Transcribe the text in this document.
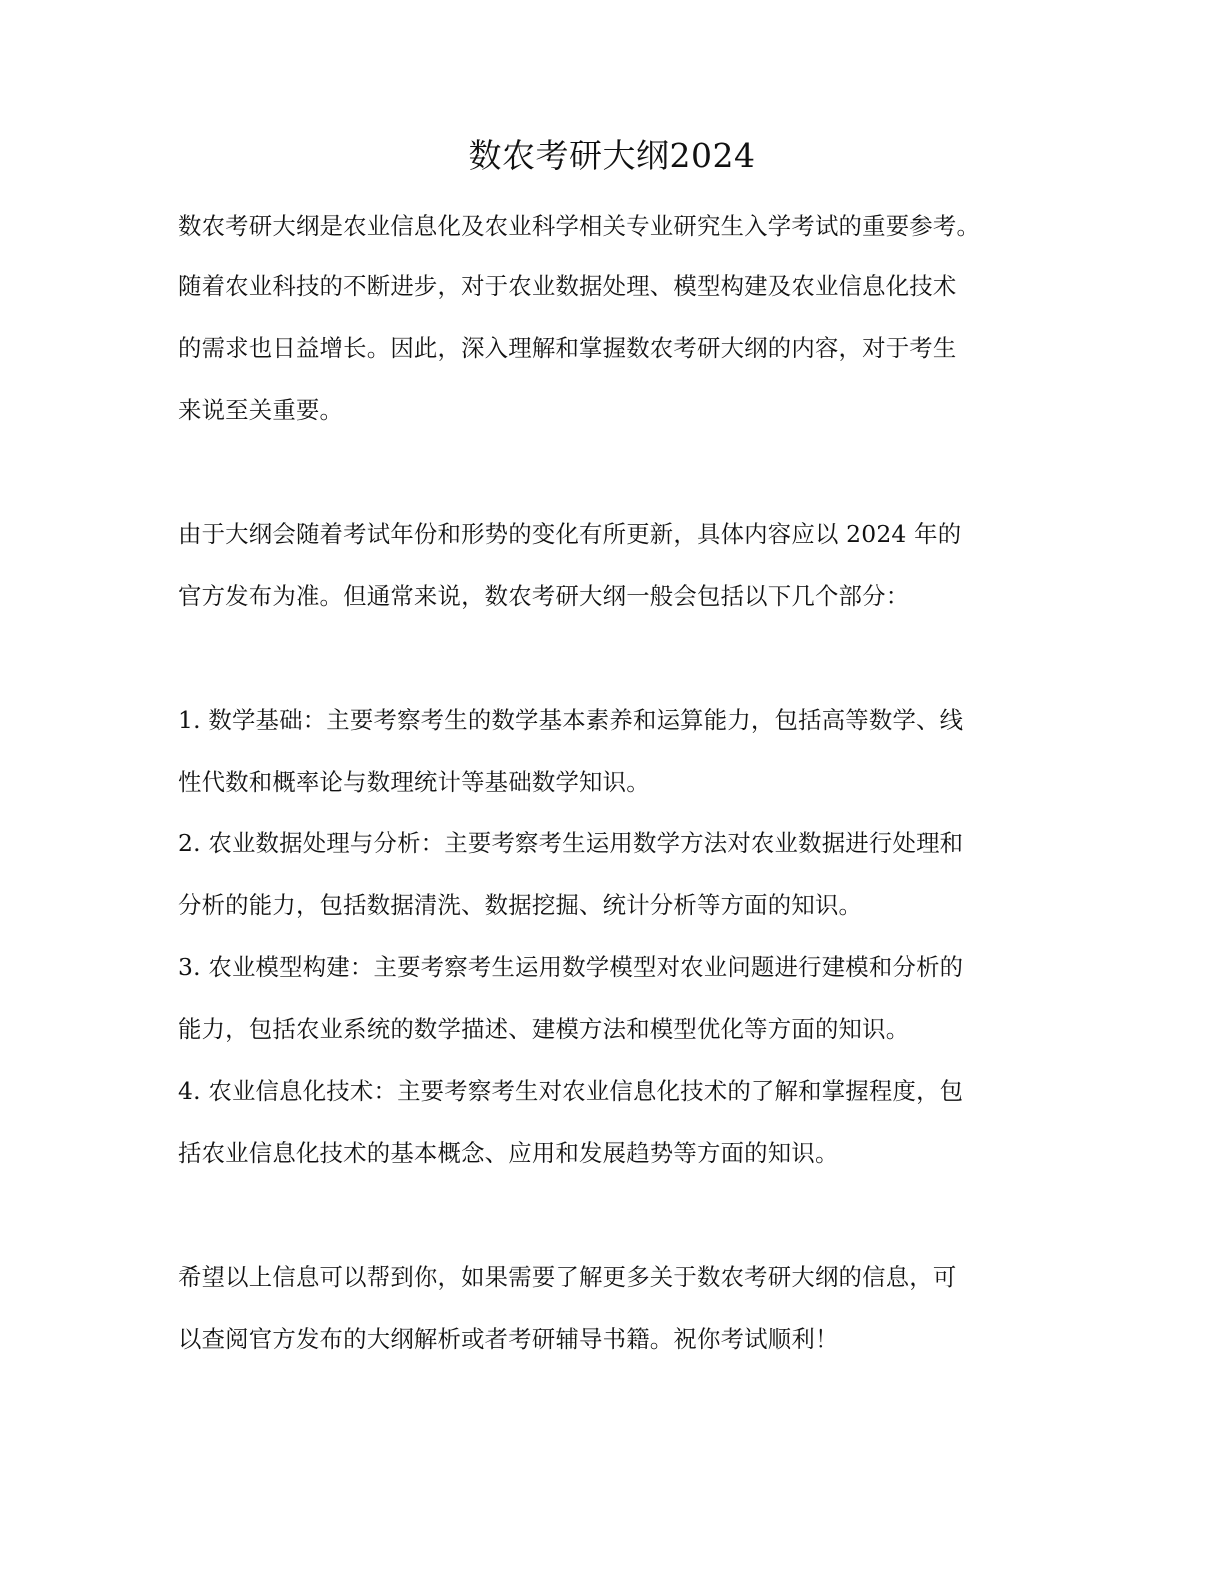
数农考研大纲2024
数农考研大纲是农业信息化及农业科学相关专业研究生入学考试的重要参考。
随着农业科技的不断进步，对于农业数据处理、模型构建及农业信息化技术
的需求也日益增长。因此，深入理解和掌握数农考研大纲的内容，对于考生
来说至关重要。
由于大纲会随着考试年份和形势的变化有所更新，具体内容应以 2024 年的
官方发布为准。但通常来说，数农考研大纲一般会包括以下几个部分：
1. 数学基础：主要考察考生的数学基本素养和运算能力，包括高等数学、线
性代数和概率论与数理统计等基础数学知识。
2. 农业数据处理与分析：主要考察考生运用数学方法对农业数据进行处理和
分析的能力，包括数据清洗、数据挖掘、统计分析等方面的知识。
3. 农业模型构建：主要考察考生运用数学模型对农业问题进行建模和分析的
能力，包括农业系统的数学描述、建模方法和模型优化等方面的知识。
4. 农业信息化技术：主要考察考生对农业信息化技术的了解和掌握程度，包
括农业信息化技术的基本概念、应用和发展趋势等方面的知识。
希望以上信息可以帮到你，如果需要了解更多关于数农考研大纲的信息，可
以查阅官方发布的大纲解析或者考研辅导书籍。祝你考试顺利！
